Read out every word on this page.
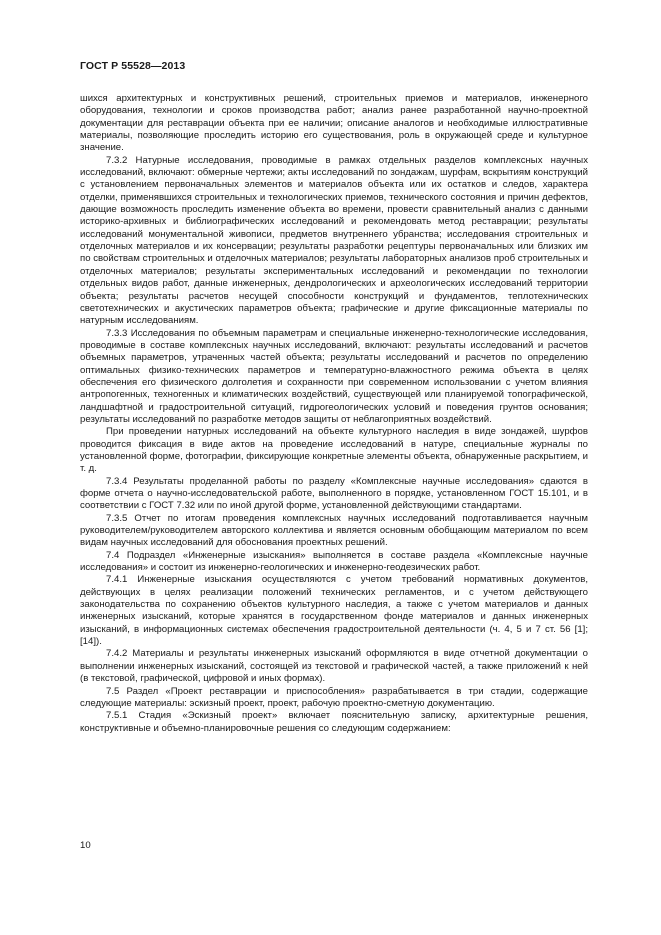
ГОСТ Р 55528—2013

шихся архитектурных и конструктивных решений, строительных приемов и материалов, инженерного оборудования, технологии и сроков производства работ; анализ ранее разработанной научно-проектной документации для реставрации объекта при ее наличии; описание аналогов и необходимые иллюстративные материалы, позволяющие проследить историю его существования, роль в окружающей среде и культурное значение.

7.3.2 Натурные исследования, проводимые в рамках отдельных разделов комплексных научных исследований, включают: обмерные чертежи; акты исследований по зондажам, шурфам, вскрытиям конструкций с установлением первоначальных элементов и материалов объекта или их остатков и следов, характера отделки, применявшихся строительных и технологических приемов, технического состояния и причин дефектов, дающие возможность проследить изменение объекта во времени, провести сравнительный анализ с данными историко-архивных и библиографических исследований и рекомендовать метод реставрации; результаты исследований монументальной живописи, предметов внутреннего убранства; исследования строительных и отделочных материалов и их консервации; результаты разработки рецептуры первоначальных или близких им по свойствам строительных и отделочных материалов; результаты лабораторных анализов проб строительных и отделочных материалов; результаты экспериментальных исследований и рекомендации по технологии отдельных видов работ, данные инженерных, дендрологических и археологических исследований территории объекта; результаты расчетов несущей способности конструкций и фундаментов, теплотехнических светотехнических и акустических параметров объекта; графические и другие фиксационные материалы по натурным исследованиям.

7.3.3 Исследования по объемным параметрам и специальные инженерно-технологические исследования, проводимые в составе комплексных научных исследований, включают: результаты исследований и расчетов объемных параметров, утраченных частей объекта; результаты исследований и расчетов по определению оптимальных физико-технических параметров и температурно-влажностного режима объекта в целях обеспечения его физического долголетия и сохранности при современном использовании с учетом влияния антропогенных, техногенных и климатических воздействий, существующей или планируемой топографической, ландшафтной и градостроительной ситуаций, гидрогеологических условий и поведения грунтов основания; результаты исследований по разработке методов защиты от неблагоприятных воздействий.

При проведении натурных исследований на объекте культурного наследия в виде зондажей, шурфов проводится фиксация в виде актов на проведение исследований в натуре, специальные журналы по установленной форме, фотографии, фиксирующие конкретные элементы объекта, обнаруженные раскрытием, и т. д.

7.3.4 Результаты проделанной работы по разделу «Комплексные научные исследования» сдаются в форме отчета о научно-исследовательской работе, выполненного в порядке, установленном ГОСТ 15.101, и в соответствии с ГОСТ 7.32 или по иной другой форме, установленной действующими стандартами.

7.3.5 Отчет по итогам проведения комплексных научных исследований подготавливается научным руководителем/руководителем авторского коллектива и является основным обобщающим материалом по всем видам научных исследований для обоснования проектных решений.

7.4 Подраздел «Инженерные изыскания» выполняется в составе раздела «Комплексные научные исследования» и состоит из инженерно-геологических и инженерно-геодезических работ.

7.4.1 Инженерные изыскания осуществляются с учетом требований нормативных документов, действующих в целях реализации положений технических регламентов, и с учетом действующего законодательства по сохранению объектов культурного наследия, а также с учетом материалов и данных инженерных изысканий, которые хранятся в государственном фонде материалов и данных инженерных изысканий, в информационных системах обеспечения градостроительной деятельности (ч. 4, 5 и 7 ст. 56 [1]; [14]).

7.4.2 Материалы и результаты инженерных изысканий оформляются в виде отчетной документации о выполнении инженерных изысканий, состоящей из текстовой и графической частей, а также приложений к ней (в текстовой, графической, цифровой и иных формах).

7.5 Раздел «Проект реставрации и приспособления» разрабатывается в три стадии, содержащие следующие материалы: эскизный проект, проект, рабочую проектно-сметную документацию.

7.5.1 Стадия «Эскизный проект» включает пояснительную записку, архитектурные решения, конструктивные и объемно-планировочные решения со следующим содержанием:

10
